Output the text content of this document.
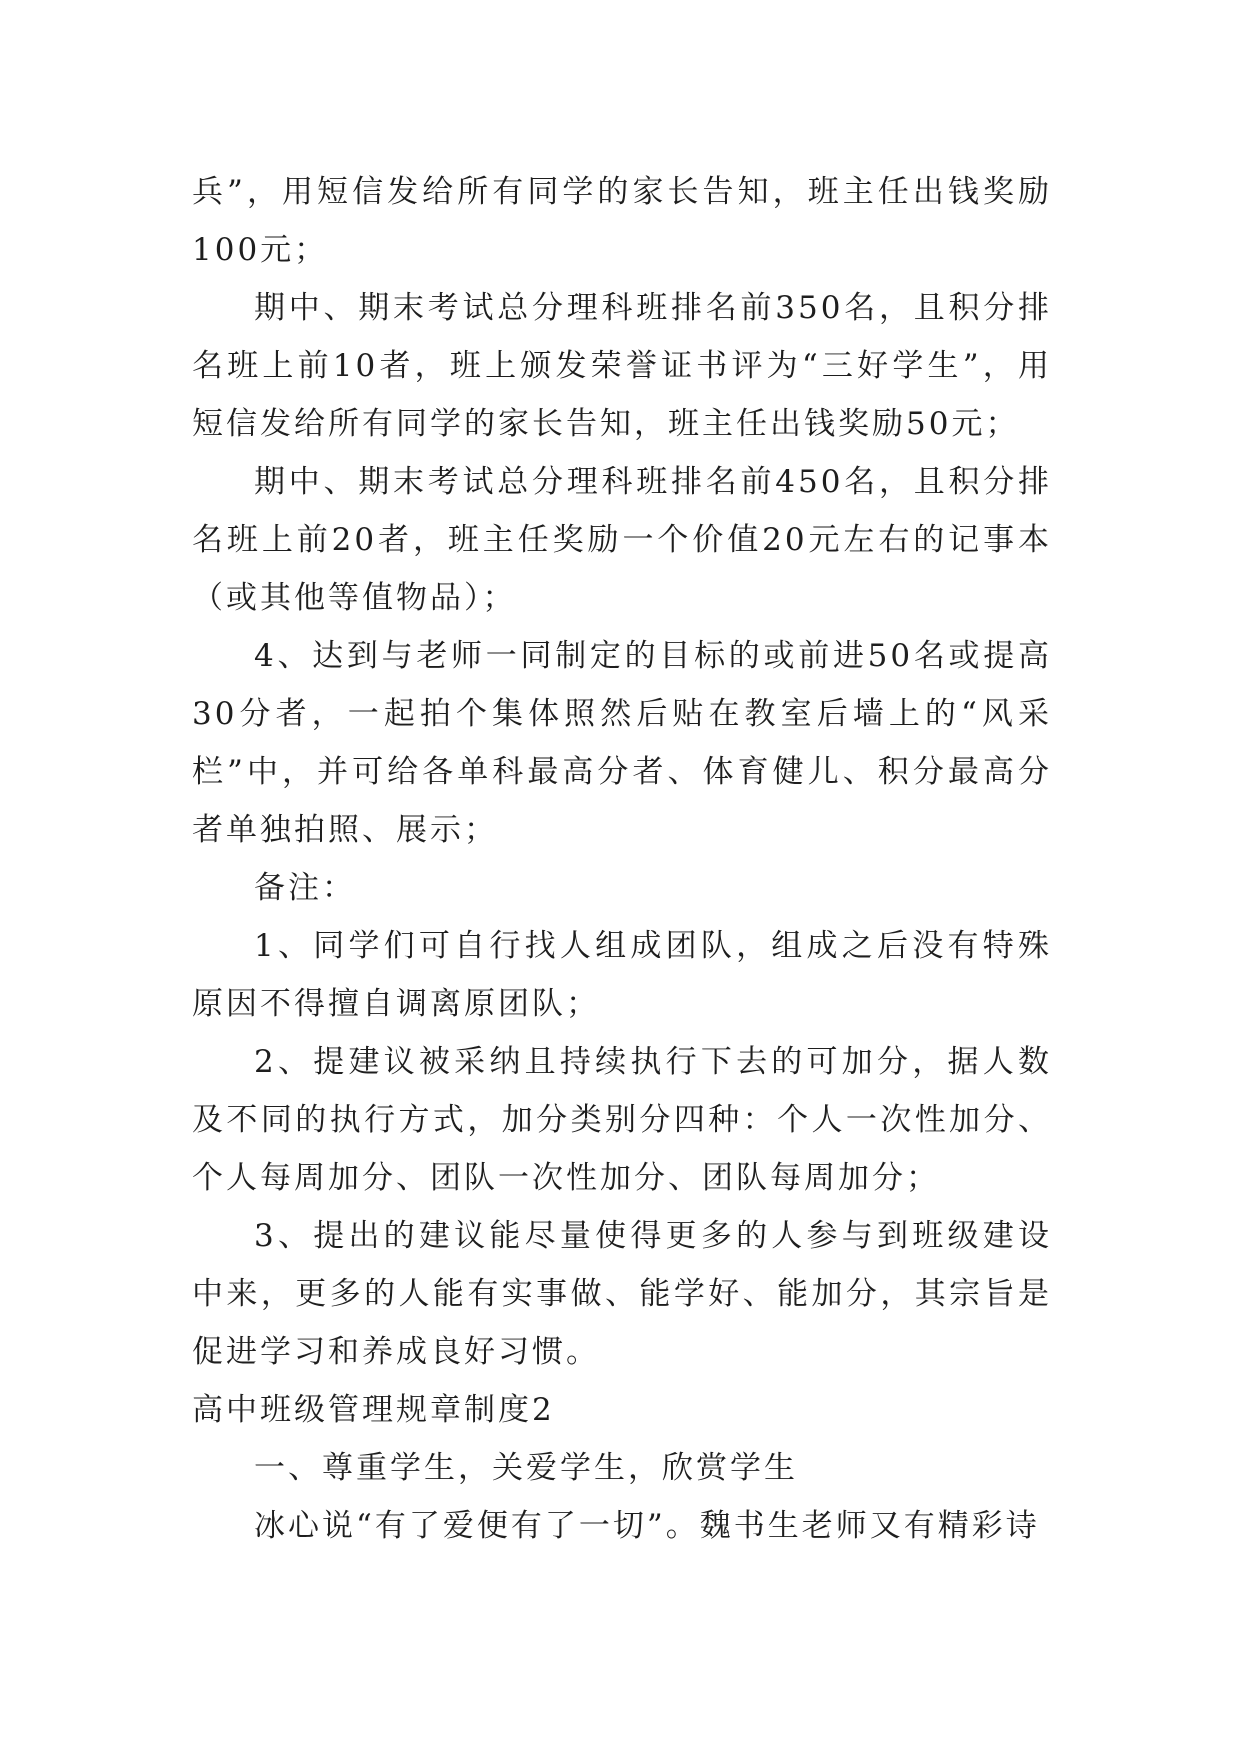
兵”，用短信发给所有同学的家长告知，班主任出钱奖励100元；

期中、期末考试总分理科班排名前350名，且积分排名班上前10者，班上颁发荣誉证书评为“三好学生”，用短信发给所有同学的家长告知，班主任出钱奖励50元；

期中、期末考试总分理科班排名前450名，且积分排名班上前20者，班主任奖励一个价值20元左右的记事本（或其他等值物品）；

4、达到与老师一同制定的目标的或前进50名或提高30分者，一起拍个集体照然后贴在教室后墙上的“风采栏”中，并可给各单科最高分者、体育健儿、积分最高分者单独拍照、展示；

备注：

1、同学们可自行找人组成团队，组成之后没有特殊原因不得擅自调离原团队；

2、提建议被采纳且持续执行下去的可加分，据人数及不同的执行方式，加分类别分四种：个人一次性加分、个人每周加分、团队一次性加分、团队每周加分；

3、提出的建议能尽量使得更多的人参与到班级建设中来，更多的人能有实事做、能学好、能加分，其宗旨是促进学习和养成良好习惯。

高中班级管理规章制度2

一、尊重学生，关爱学生，欣赏学生

冰心说“有了爱便有了一切”。魏书生老师又有精彩诗
